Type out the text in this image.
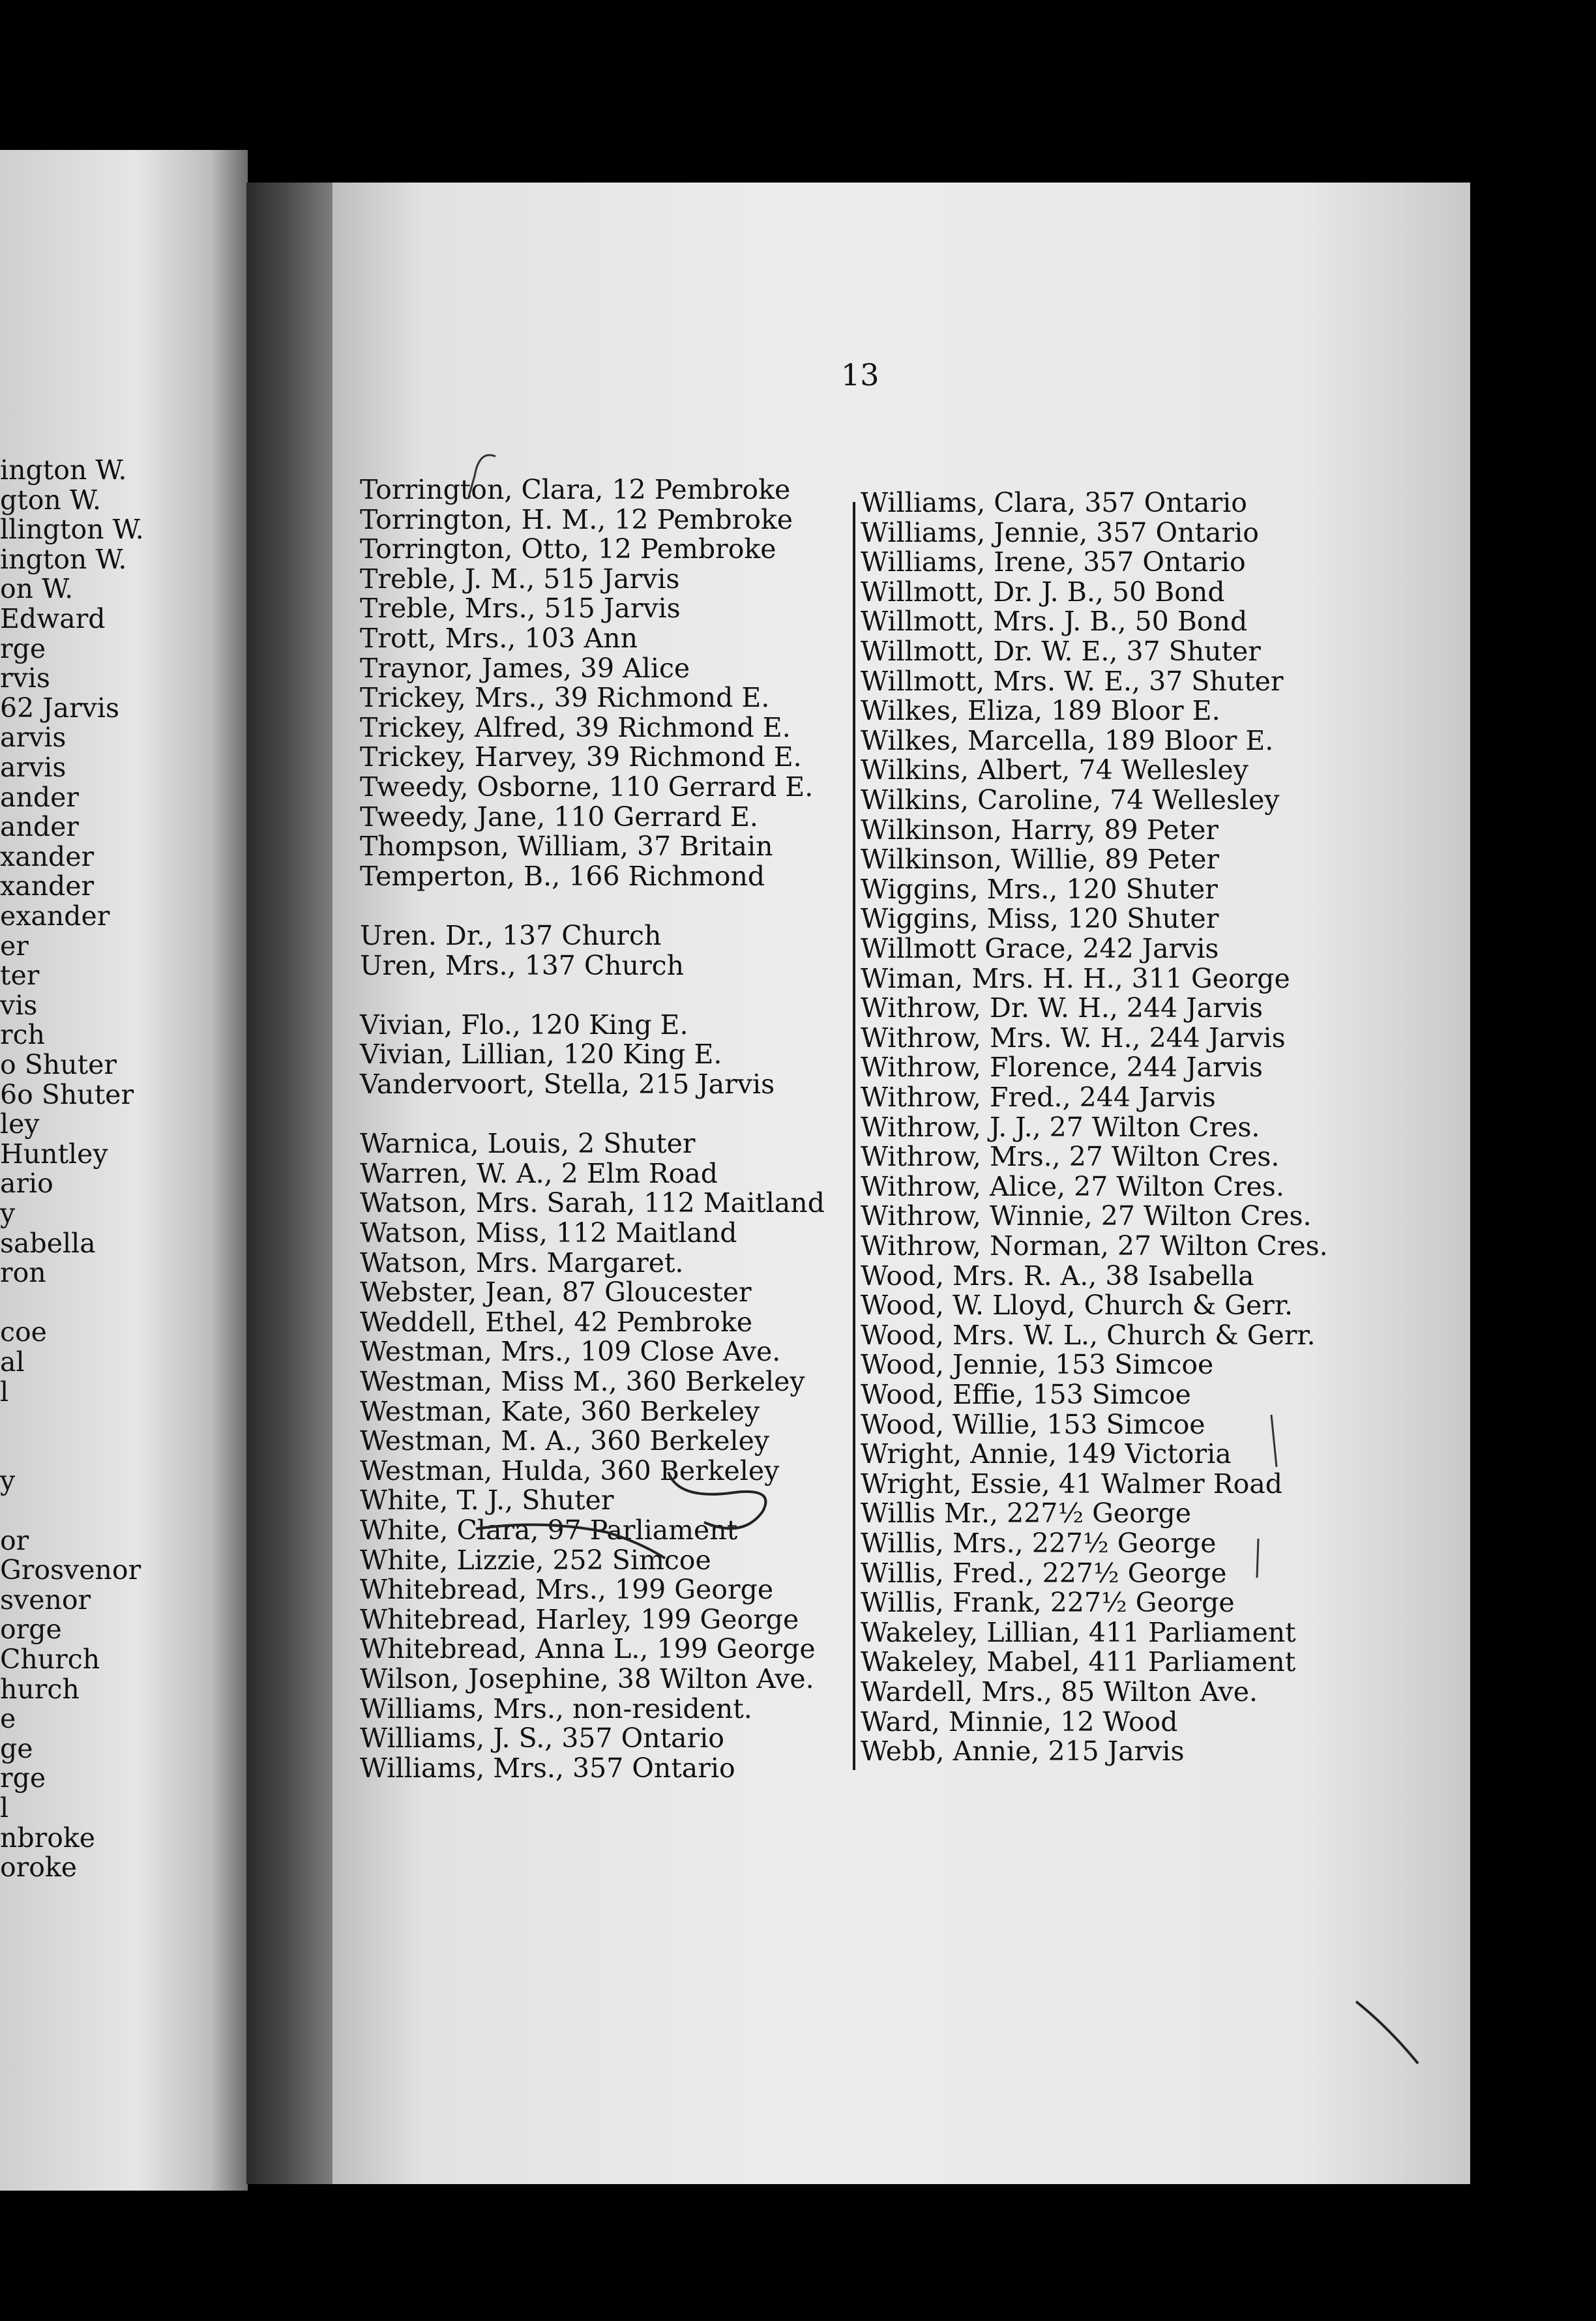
ington W.
gton W.
llington W.
ington W.
on W.
Edward
rge
rvis
62 Jarvis
arvis
arvis
ander
ander
xander
xander
exander
er
ter
vis
rch
o Shuter
6o Shuter
ley
Huntley
ario
y
sabella
ron
coe
al
l
y
or
Grosvenor
svenor
orge
Church
hurch
e
ge
rge
l
nbroke
oroke
13
Torrington, Clara, 12 Pembroke
Torrington, H. M., 12 Pembroke
Torrington, Otto, 12 Pembroke
Treble, J. M., 515 Jarvis
Treble, Mrs., 515 Jarvis
Trott, Mrs., 103 Ann
Traynor, James, 39 Alice
Trickey, Mrs., 39 Richmond E.
Trickey, Alfred, 39 Richmond E.
Trickey, Harvey, 39 Richmond E.
Tweedy, Osborne, 110 Gerrard E.
Tweedy, Jane, 110 Gerrard E.
Thompson, William, 37 Britain
Temperton, B., 166 Richmond
Uren. Dr., 137 Church
Uren, Mrs., 137 Church
Vivian, Flo., 120 King E.
Vivian, Lillian, 120 King E.
Vandervoort, Stella, 215 Jarvis
Warnica, Louis, 2 Shuter
Warren, W. A., 2 Elm Road
Watson, Mrs. Sarah, 112 Maitland
Watson, Miss, 112 Maitland
Watson, Mrs. Margaret.
Webster, Jean, 87 Gloucester
Weddell, Ethel, 42 Pembroke
Westman, Mrs., 109 Close Ave.
Westman, Miss M., 360 Berkeley
Westman, Kate, 360 Berkeley
Westman, M. A., 360 Berkeley
Westman, Hulda, 360 Berkeley
White, T. J., Shuter
White, Clara, 97 Parliament
White, Lizzie, 252 Simcoe
Whitebread, Mrs., 199 George
Whitebread, Harley, 199 George
Whitebread, Anna L., 199 George
Wilson, Josephine, 38 Wilton Ave.
Williams, Mrs., non-resident.
Williams, J. S., 357 Ontario
Williams, Mrs., 357 Ontario
Williams, Clara, 357 Ontario
Williams, Jennie, 357 Ontario
Williams, Irene, 357 Ontario
Willmott, Dr. J. B., 50 Bond
Willmott, Mrs. J. B., 50 Bond
Willmott, Dr. W. E., 37 Shuter
Willmott, Mrs. W. E., 37 Shuter
Wilkes, Eliza, 189 Bloor E.
Wilkes, Marcella, 189 Bloor E.
Wilkins, Albert, 74 Wellesley
Wilkins, Caroline, 74 Wellesley
Wilkinson, Harry, 89 Peter
Wilkinson, Willie, 89 Peter
Wiggins, Mrs., 120 Shuter
Wiggins, Miss, 120 Shuter
Willmott Grace, 242 Jarvis
Wiman, Mrs. H. H., 311 George
Withrow, Dr. W. H., 244 Jarvis
Withrow, Mrs. W. H., 244 Jarvis
Withrow, Florence, 244 Jarvis
Withrow, Fred., 244 Jarvis
Withrow, J. J., 27 Wilton Cres.
Withrow, Mrs., 27 Wilton Cres.
Withrow, Alice, 27 Wilton Cres.
Withrow, Winnie, 27 Wilton Cres.
Withrow, Norman, 27 Wilton Cres.
Wood, Mrs. R. A., 38 Isabella
Wood, W. Lloyd, Church & Gerr.
Wood, Mrs. W. L., Church & Gerr.
Wood, Jennie, 153 Simcoe
Wood, Effie, 153 Simcoe
Wood, Willie, 153 Simcoe
Wright, Annie, 149 Victoria
Wright, Essie, 41 Walmer Road
Willis Mr., 227½ George
Willis, Mrs., 227½ George
Willis, Fred., 227½ George
Willis, Frank, 227½ George
Wakeley, Lillian, 411 Parliament
Wakeley, Mabel, 411 Parliament
Wardell, Mrs., 85 Wilton Ave.
Ward, Minnie, 12 Wood
Webb, Annie, 215 Jarvis
